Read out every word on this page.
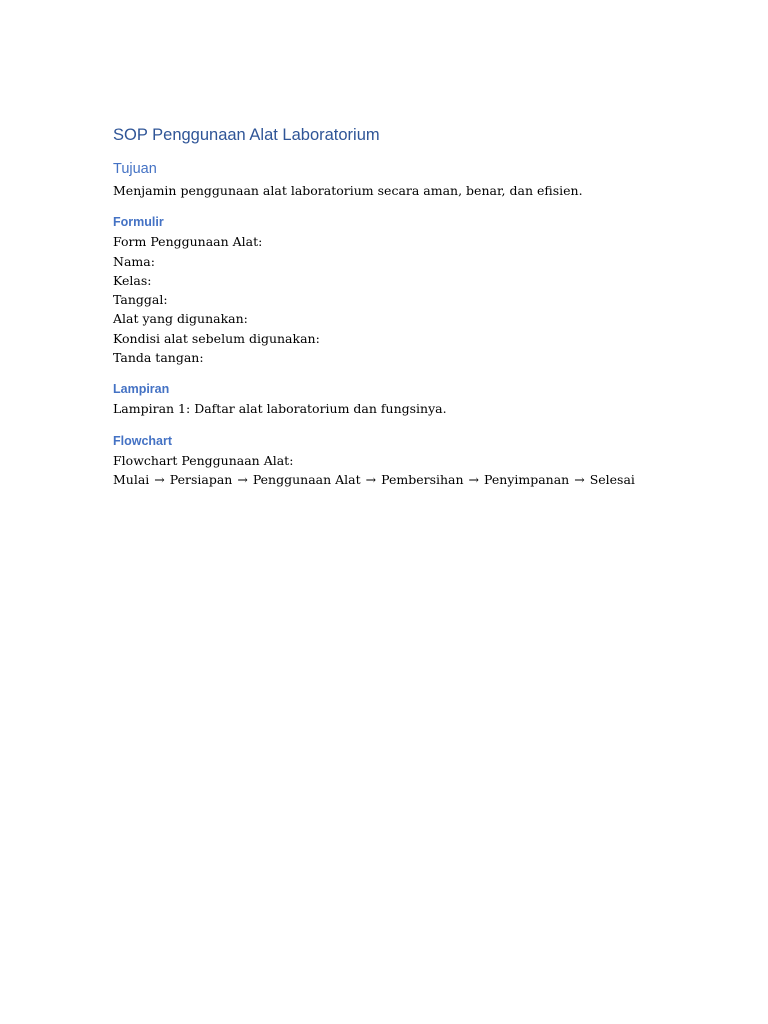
SOP Penggunaan Alat Laboratorium
Tujuan

Menjamin penggunaan alat laboratorium secara aman, benar, dan efisien.

Formulir

Form Penggunaan Alat:
Nama:
Kelas:
Tanggal:
Alat yang digunakan:
Kondisi alat sebelum digunakan:
Tanda tangan:

Lampiran

Lampiran 1: Daftar alat laboratorium dan fungsinya.

Flowchart

Flowchart Penggunaan Alat:
Mulai → Persiapan → Penggunaan Alat → Pembersihan → Penyimpanan → Selesai
